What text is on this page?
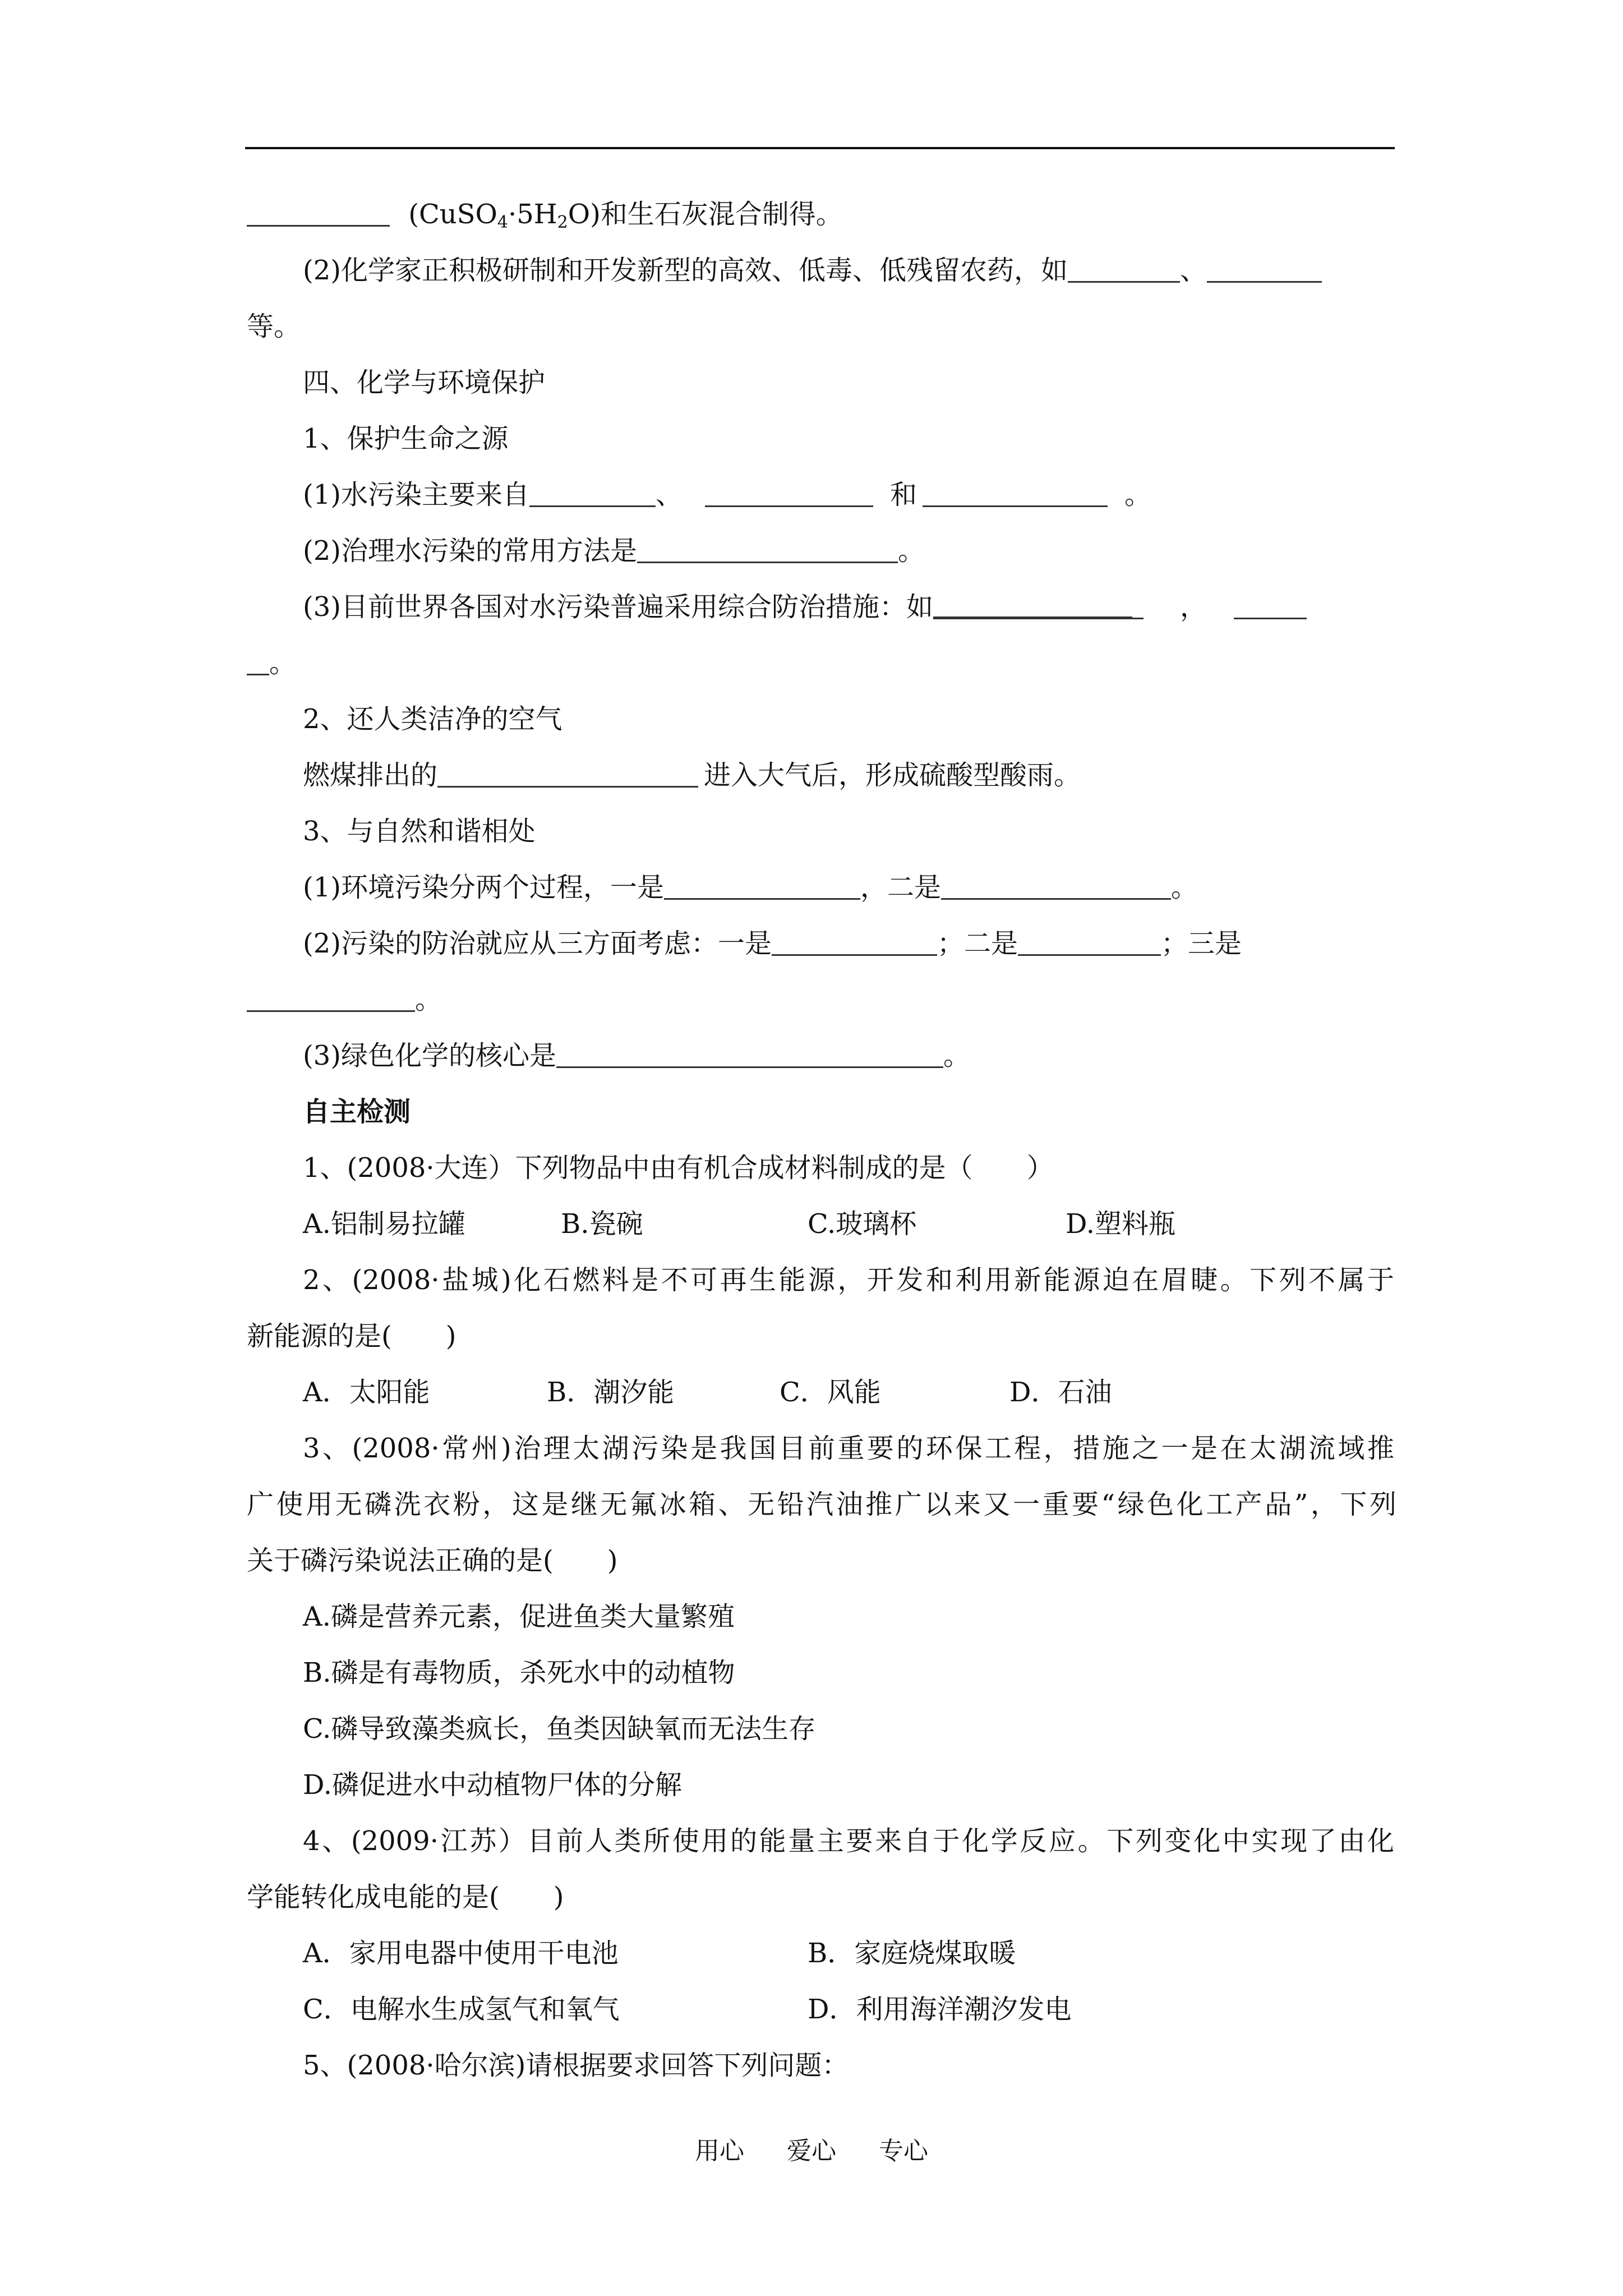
$(CuSO_4\cdot 5H_2O)$和生石灰混合制得。
(2)化学家正积极研制和开发新型的高效、低毒、低残留农药，如	、
等。
四、化学与环境保护
1、保护生命之源
(1)水污染主要来自	、	和	。
(2)治理水污染的常用方法是	。
(3)目前世界各国对水污染普遍采用综合防治措施：如	，
。
2、还人类洁净的空气
燃煤排出的	进入大气后，形成硫酸型酸雨。
3、与自然和谐相处
(1)环境污染分两个过程，一是	，二是	。
(2)污染的防治就应从三方面考虑：一是	；二是	；三是
。
(3)绿色化学的核心是	。
自主检测
1、(2008·大连）下列物品中由有机合成材料制成的是（　　）
A.铝制易拉罐	B.瓷碗	C.玻璃杯	D.塑料瓶
2、(2008·盐城)化石燃料是不可再生能源，开发和利用新能源迫在眉睫。下列不属于
新能源的是(　　)
A．太阳能	B．潮汐能	C．风能	D．石油
3、(2008·常州)治理太湖污染是我国目前重要的环保工程，措施之一是在太湖流域推
广使用无磷洗衣粉，这是继无氟冰箱、无铅汽油推广以来又一重要“绿色化工产品”，下列
关于磷污染说法正确的是(　　)
A.磷是营养元素，促进鱼类大量繁殖
B.磷是有毒物质，杀死水中的动植物
C.磷导致藻类疯长，鱼类因缺氧而无法生存
D.磷促进水中动植物尸体的分解
4、(2009·江苏）目前人类所使用的能量主要来自于化学反应。下列变化中实现了由化
学能转化成电能的是(　　)
A．家用电器中使用干电池	B．家庭烧煤取暖
C．电解水生成氢气和氧气	D．利用海洋潮汐发电
5、(2008·哈尔滨)请根据要求回答下列问题：
用心 爱心 专心
